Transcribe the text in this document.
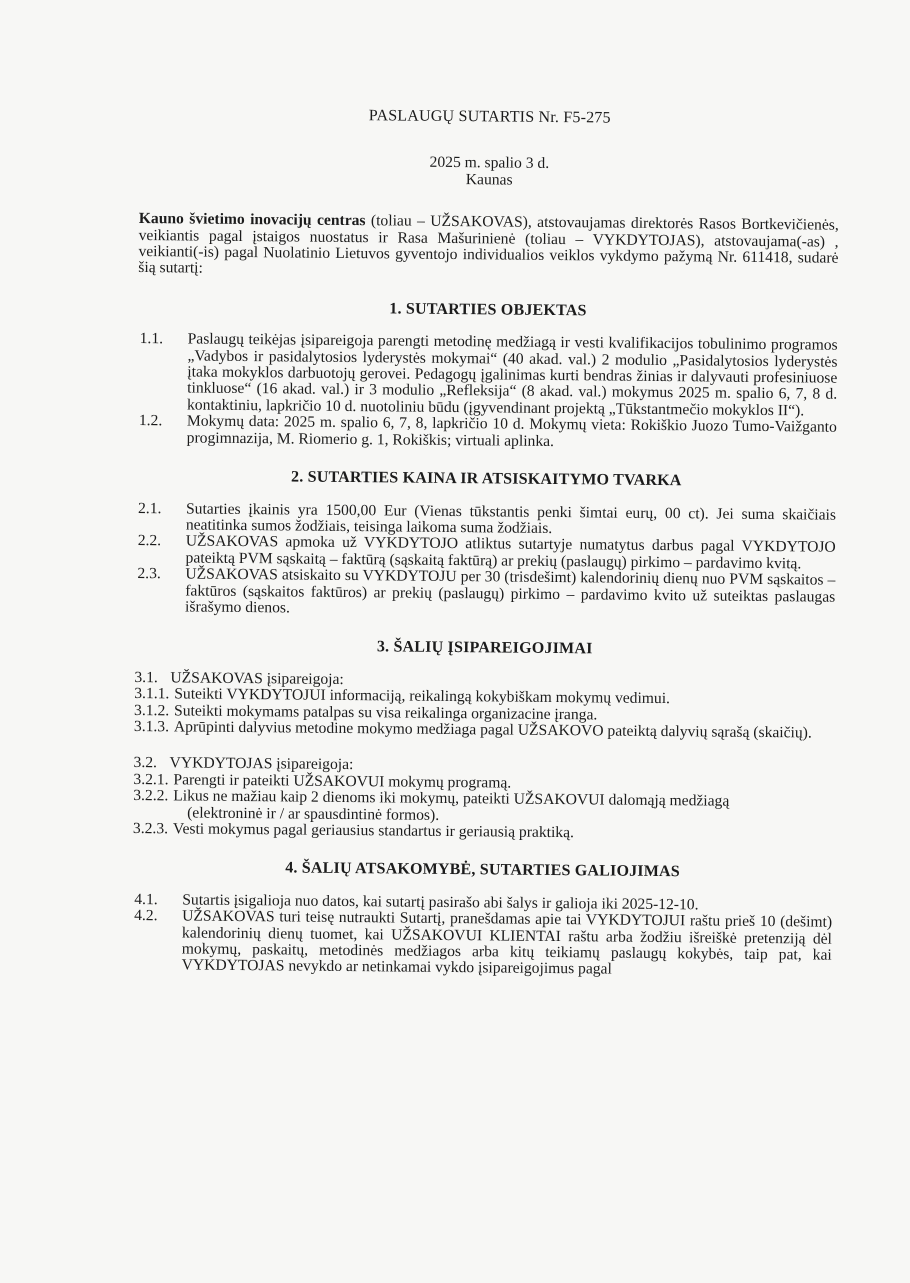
PASLAUGŲ SUTARTIS Nr. F5-275
2025 m. spalio 3 d.
Kaunas
Kauno švietimo inovacijų centras (toliau – UŽSAKOVAS), atstovaujamas direktorės Rasos Bortkevičienės, veikiantis pagal įstaigos nuostatus ir Rasa Mašurinienė (toliau – VYKDYTOJAS), atstovaujama(-as) , veikianti(-is) pagal Nuolatinio Lietuvos gyventojo individualios veiklos vykdymo pažymą Nr. 611418, sudarė šią sutartį:
1. SUTARTIES OBJEKTAS
1.1.	Paslaugų teikėjas įsipareigoja parengti metodinę medžiagą ir vesti kvalifikacijos tobulinimo programos „Vadybos ir pasidalytosios lyderystės mokymai“ (40 akad. val.) 2 modulio „Pasidalytosios lyderystės įtaka mokyklos darbuotojų gerovei. Pedagogų įgalinimas kurti bendras žinias ir dalyvauti profesiniuose tinkluose“ (16 akad. val.) ir 3 modulio „Refleksija“ (8 akad. val.) mokymus 2025 m. spalio 6, 7, 8 d. kontaktiniu, lapkričio 10 d. nuotoliniu būdu (įgyvendinant projektą „Tūkstantmečio mokyklos II“).
1.2.	Mokymų data: 2025 m. spalio 6, 7, 8, lapkričio 10 d. Mokymų vieta: Rokiškio Juozo Tumo-Vaižganto progimnazija, M. Riomerio g. 1, Rokiškis; virtuali aplinka.
2. SUTARTIES KAINA IR ATSISKAITYMO TVARKA
2.1.	Sutarties įkainis yra 1500,00 Eur (Vienas tūkstantis penki šimtai eurų, 00 ct). Jei suma skaičiais neatitinka sumos žodžiais, teisinga laikoma suma žodžiais.
2.2.	UŽSAKOVAS apmoka už VYKDYTOJO atliktus sutartyje numatytus darbus pagal VYKDYTOJO pateiktą PVM sąskaitą – faktūrą (sąskaitą faktūrą) ar prekių (paslaugų) pirkimo – pardavimo kvitą.
2.3.	UŽSAKOVAS atsiskaito su VYKDYTOJU per 30 (trisdešimt) kalendorinių dienų nuo PVM sąskaitos – faktūros (sąskaitos faktūros) ar prekių (paslaugų) pirkimo – pardavimo kvito už suteiktas paslaugas išrašymo dienos.
3. ŠALIŲ ĮSIPAREIGOJIMAI
3.1. UŽSAKOVAS įsipareigoja:
3.1.1. Suteikti VYKDYTOJUI informaciją, reikalingą kokybiškam mokymų vedimui.
3.1.2. Suteikti mokymams patalpas su visa reikalinga organizacine įranga.
3.1.3. Aprūpinti dalyvius metodine mokymo medžiaga pagal UŽSAKOVO pateiktą dalyvių sąrašą (skaičių).
3.2. VYKDYTOJAS įsipareigoja:
3.2.1. Parengti ir pateikti UŽSAKOVUI mokymų programą.
3.2.2. Likus ne mažiau kaip 2 dienoms iki mokymų, pateikti UŽSAKOVUI dalomąją medžiagą
(elektroninė ir / ar spausdintinė formos).
3.2.3. Vesti mokymus pagal geriausius standartus ir geriausią praktiką.
4. ŠALIŲ ATSAKOMYBĖ, SUTARTIES GALIOJIMAS
4.1.	Sutartis įsigalioja nuo datos, kai sutartį pasirašo abi šalys ir galioja iki 2025-12-10.
4.2.	UŽSAKOVAS turi teisę nutraukti Sutartį, pranešdamas apie tai VYKDYTOJUI raštu prieš 10 (dešimt) kalendorinių dienų tuomet, kai UŽSAKOVUI KLIENTAI raštu arba žodžiu išreiškė pretenziją dėl mokymų, paskaitų, metodinės medžiagos arba kitų teikiamų paslaugų kokybės, taip pat, kai VYKDYTOJAS nevykdo ar netinkamai vykdo įsipareigojimus pagal
